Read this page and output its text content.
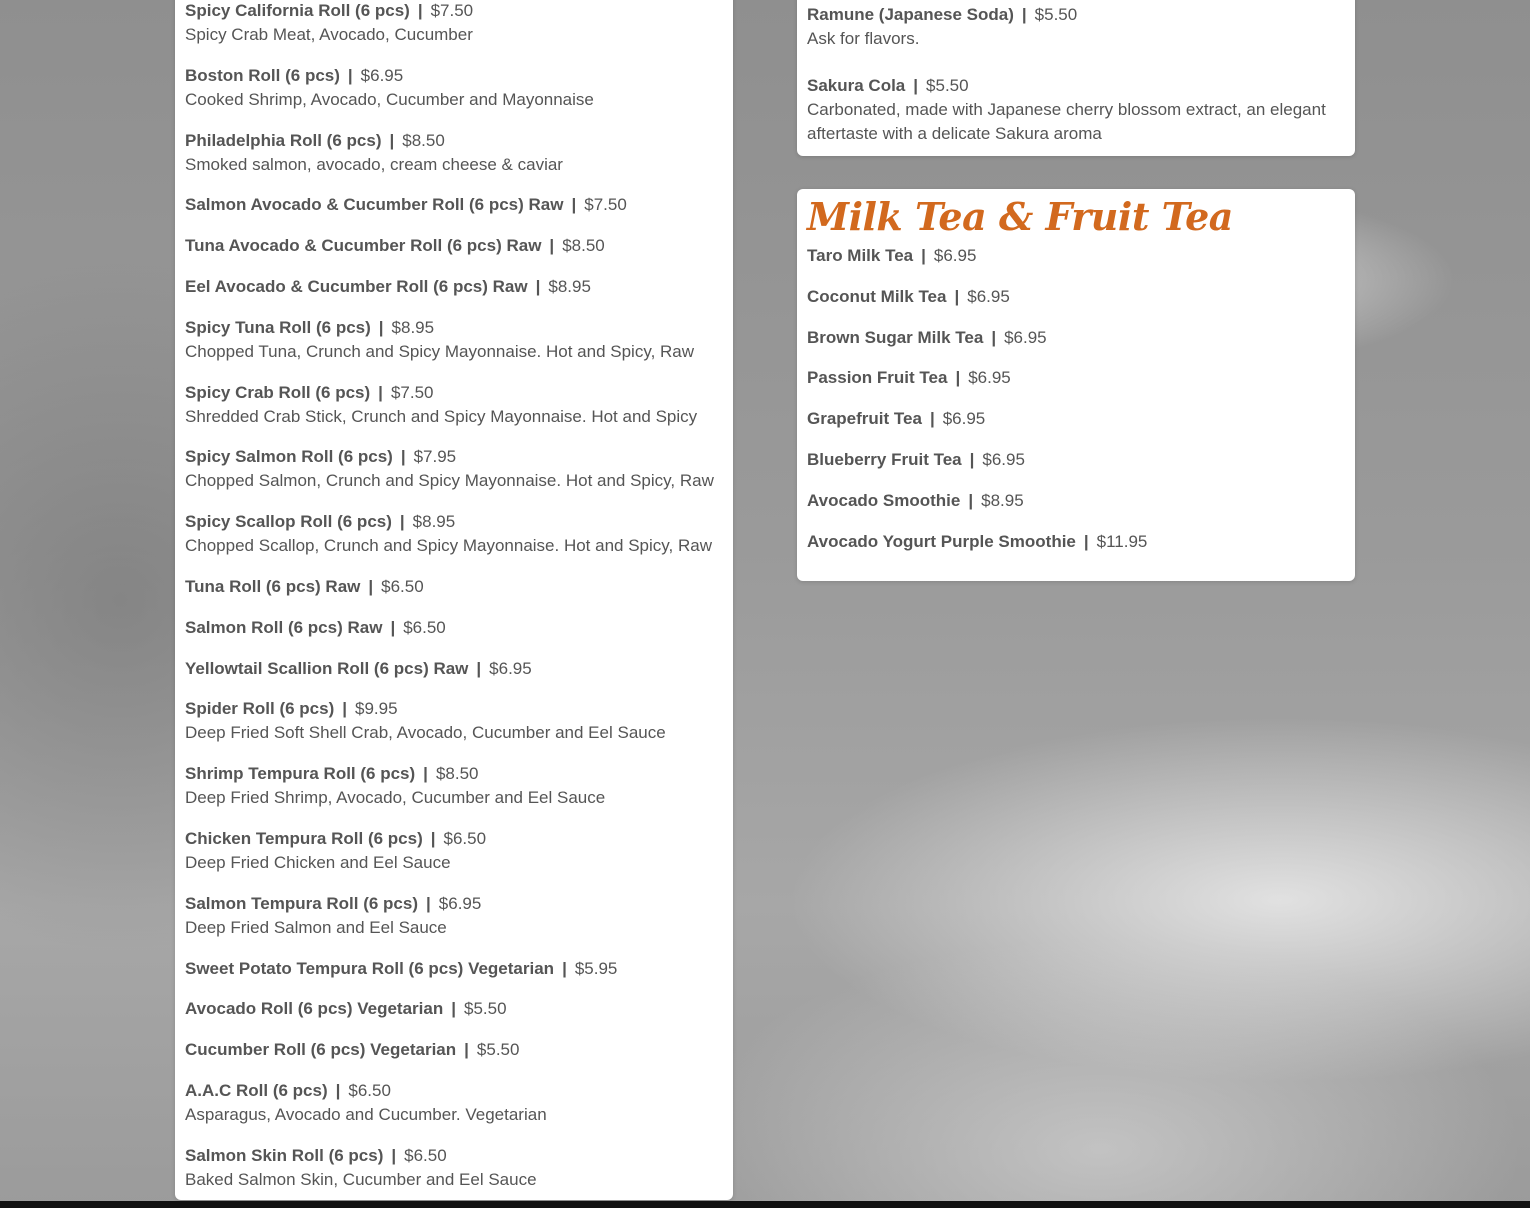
Spicy California Roll (6 pcs) | $7.50
Spicy Crab Meat, Avocado, Cucumber
Boston Roll (6 pcs) | $6.95
Cooked Shrimp, Avocado, Cucumber and Mayonnaise
Philadelphia Roll (6 pcs) | $8.50
Smoked salmon, avocado, cream cheese & caviar
Salmon Avocado & Cucumber Roll (6 pcs) Raw | $7.50
Tuna Avocado & Cucumber Roll (6 pcs) Raw | $8.50
Eel Avocado & Cucumber Roll (6 pcs) Raw | $8.95
Spicy Tuna Roll (6 pcs) | $8.95
Chopped Tuna, Crunch and Spicy Mayonnaise. Hot and Spicy, Raw
Spicy Crab Roll (6 pcs) | $7.50
Shredded Crab Stick, Crunch and Spicy Mayonnaise. Hot and Spicy
Spicy Salmon Roll (6 pcs) | $7.95
Chopped Salmon, Crunch and Spicy Mayonnaise. Hot and Spicy, Raw
Spicy Scallop Roll (6 pcs) | $8.95
Chopped Scallop, Crunch and Spicy Mayonnaise. Hot and Spicy, Raw
Tuna Roll (6 pcs) Raw | $6.50
Salmon Roll (6 pcs) Raw | $6.50
Yellowtail Scallion Roll (6 pcs) Raw | $6.95
Spider Roll (6 pcs) | $9.95
Deep Fried Soft Shell Crab, Avocado, Cucumber and Eel Sauce
Shrimp Tempura Roll (6 pcs) | $8.50
Deep Fried Shrimp, Avocado, Cucumber and Eel Sauce
Chicken Tempura Roll (6 pcs) | $6.50
Deep Fried Chicken and Eel Sauce
Salmon Tempura Roll (6 pcs) | $6.95
Deep Fried Salmon and Eel Sauce
Sweet Potato Tempura Roll (6 pcs) Vegetarian | $5.95
Avocado Roll (6 pcs) Vegetarian | $5.50
Cucumber Roll (6 pcs) Vegetarian | $5.50
A.A.C Roll (6 pcs) | $6.50
Asparagus, Avocado and Cucumber. Vegetarian
Salmon Skin Roll (6 pcs) | $6.50
Baked Salmon Skin, Cucumber and Eel Sauce
Ramune (Japanese Soda) | $5.50
Ask for flavors.
Sakura Cola | $5.50
Carbonated, made with Japanese cherry blossom extract, an elegant aftertaste with a delicate Sakura aroma
Milk Tea & Fruit Tea
Taro Milk Tea | $6.95
Coconut Milk Tea | $6.95
Brown Sugar Milk Tea | $6.95
Passion Fruit Tea | $6.95
Grapefruit Tea | $6.95
Blueberry Fruit Tea | $6.95
Avocado Smoothie | $8.95
Avocado Yogurt Purple Smoothie | $11.95
